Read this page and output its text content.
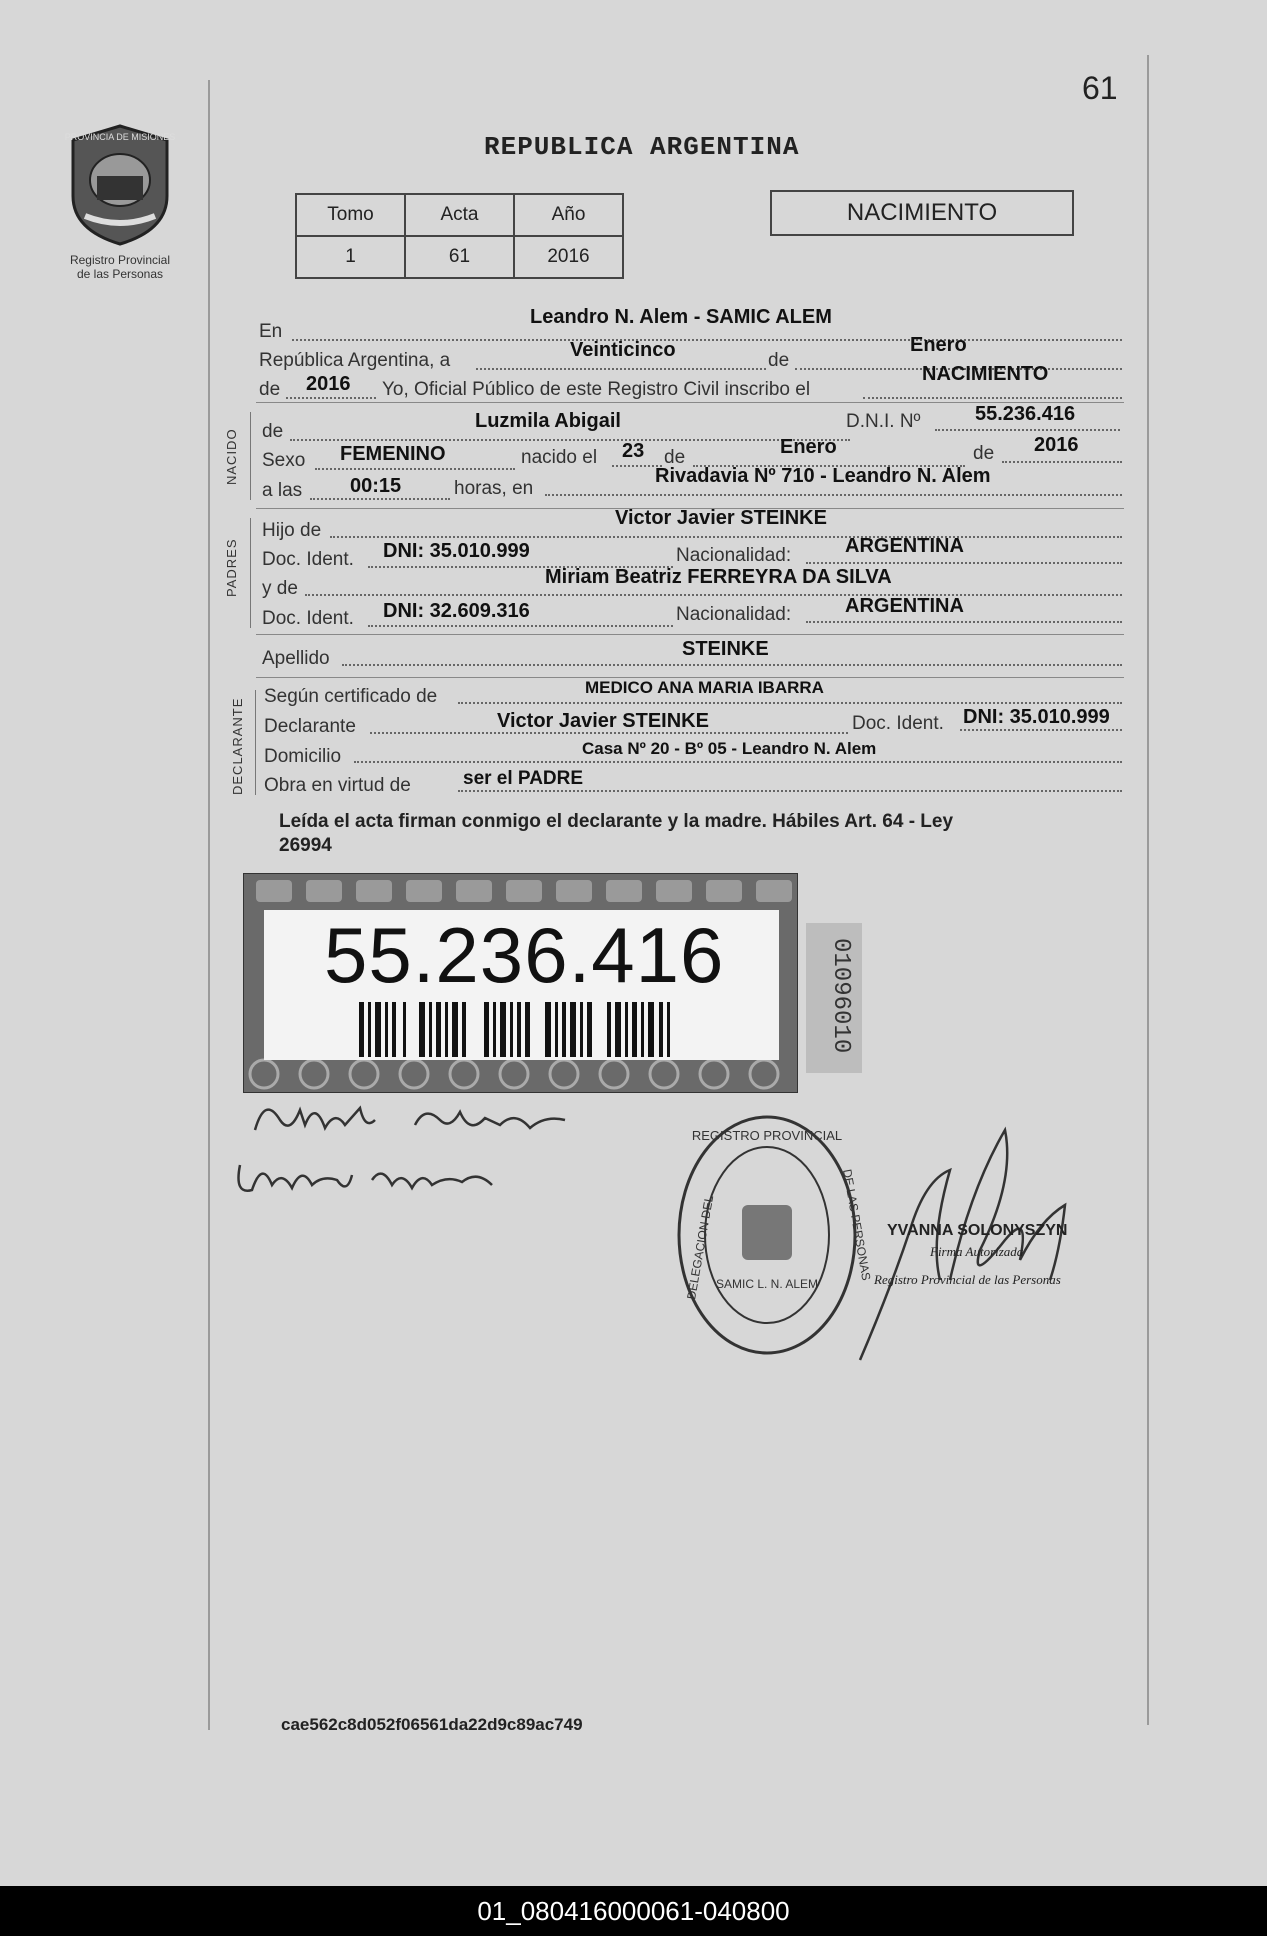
PROVINCIA DE MISIONES
Registro Provincial
de las Personas
61
REPUBLICA ARGENTINA
Tomo	Acta	Año
1	61	2016
NACIMIENTO
En
Leandro N. Alem - SAMIC ALEM
República Argentina, a	Veinticinco	de
Enero
de 2016 Yo, Oficial Público de este Registro Civil inscribo el
NACIMIENTO
NACIDO de	Luzmila Abigail	D.N.I. Nº	55.236.416
Sexo FEMENINO	nacido el 23 de	Enero	de 2016
a las 00:15	horas, en
Rivadavia Nº 710 - Leandro N. Alem
PADRES
Hijo de
Victor Javier STEINKE
Doc. Ident. DNI: 35.010.999	Nacionalidad:	ARGENTINA
y de
Miriam Beatriz FERREYRA DA SILVA
Doc. Ident. DNI: 32.609.316	Nacionalidad:	ARGENTINA
Apellido	STEINKE
DECLARANTE
Según certificado de	MEDICO ANA MARIA IBARRA
Declarante	Victor Javier STEINKE	Doc. Ident. DNI: 35.010.999
Domicilio	Casa Nº 20 - Bº 05 - Leandro N. Alem
Obra en virtud de	ser el PADRE
Leída el acta firman conmigo el declarante y la madre. Hábiles Art. 64 - Ley
26994
55.236.416	01096010
REGISTRO PROVINCIAL
DELEGACION DEL	DE LAS PERSONAS
SAMIC L. N. ALEM
YVANNA SOLONYSZYN
Firma Autorizada
Registro Provincial de las Personas
cae562c8d052f06561da22d9c89ac749
01_080416000061-040800
